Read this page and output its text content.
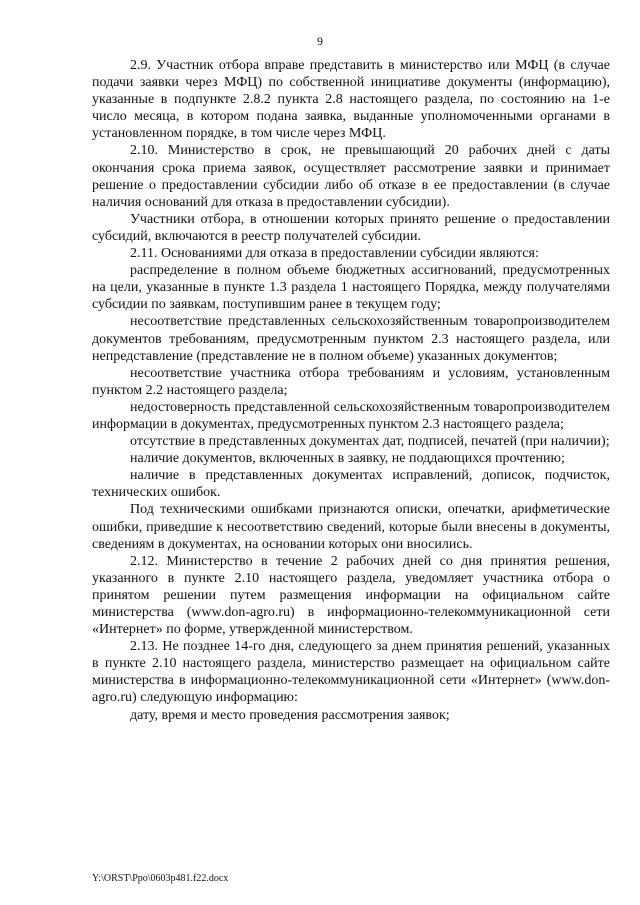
9

2.9. Участник отбора вправе представить в министерство или МФЦ (в случае подачи заявки через МФЦ) по собственной инициативе документы (информацию), указанные в подпункте 2.8.2 пункта 2.8 настоящего раздела, по состоянию на 1-е число месяца, в котором подана заявка, выданные уполномоченными органами в установленном порядке, в том числе через МФЦ.

2.10. Министерство в срок, не превышающий 20 рабочих дней с даты окончания срока приема заявок, осуществляет рассмотрение заявки и принимает решение о предоставлении субсидии либо об отказе в ее предоставлении (в случае наличия оснований для отказа в предоставлении субсидии).

Участники отбора, в отношении которых принято решение о предоставлении субсидий, включаются в реестр получателей субсидии.

2.11. Основаниями для отказа в предоставлении субсидии являются:

распределение в полном объеме бюджетных ассигнований, предусмотренных на цели, указанные в пункте 1.3 раздела 1 настоящего Порядка, между получателями субсидии по заявкам, поступившим ранее в текущем году;

несоответствие представленных сельскохозяйственным товаропроизводителем документов требованиям, предусмотренным пунктом 2.3 настоящего раздела, или непредставление (представление не в полном объеме) указанных документов;

несоответствие участника отбора требованиям и условиям, установленным пунктом 2.2 настоящего раздела;

недостоверность представленной сельскохозяйственным товаропроизводителем информации в документах, предусмотренных пунктом 2.3 настоящего раздела;

отсутствие в представленных документах дат, подписей, печатей (при наличии);

наличие документов, включенных в заявку, не поддающихся прочтению;

наличие в представленных документах исправлений, дописок, подчисток, технических ошибок.

Под техническими ошибками признаются описки, опечатки, арифметические ошибки, приведшие к несоответствию сведений, которые были внесены в документы, сведениям в документах, на основании которых они вносились.

2.12. Министерство в течение 2 рабочих дней со дня принятия решения, указанного в пункте 2.10 настоящего раздела, уведомляет участника отбора о принятом решении путем размещения информации на официальном сайте министерства (www.don-agro.ru) в информационно-телекоммуникационной сети «Интернет» по форме, утвержденной министерством.

2.13. Не позднее 14-го дня, следующего за днем принятия решений, указанных в пункте 2.10 настоящего раздела, министерство размещает на официальном сайте министерства в информационно-телекоммуникационной сети «Интернет» (www.don-agro.ru) следующую информацию:

дату, время и место проведения рассмотрения заявок;

Y:\ORST\Ppo\0603p481.f22.docx
